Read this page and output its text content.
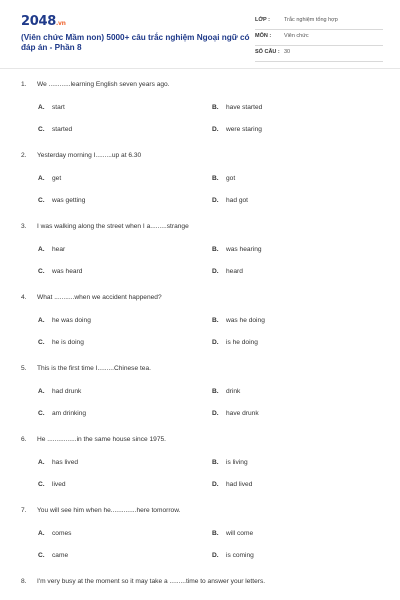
2048.vn
(Viên chức Mầm non) 5000+ câu trắc nghiệm Ngoại ngữ có đáp án - Phần 8
LỚP :	Trắc nghiệm tổng hợp
MÔN : Viên chức
SỐ CÂU : 30
1. We ............learning English seven years ago.
A. start	B. have started
C. started	D. were staring
2. Yesterday morning I.........up at 6.30
A. get	B. got
C. was getting	D. had got
3. I was walking along the street when I a.........strange
A. hear	B. was hearing
C. was heard	D. heard
4. What ...........when we accident happened?
A. he was doing	B. was he doing
C. he is doing	D. is he doing
5. This is the first time I.........Chinese tea.
A. had drunk	B. drink
C. am drinking	D. have drunk
6. He ................in the same house since 1975.
A. has lived	B. is living
C. lived	D. had lived
7. You will see him when he..............here tomorrow.
A. comes	B. will come
C. came	D. is coming
8. I'm very busy at the moment so it may take a .........time to answer your letters.
